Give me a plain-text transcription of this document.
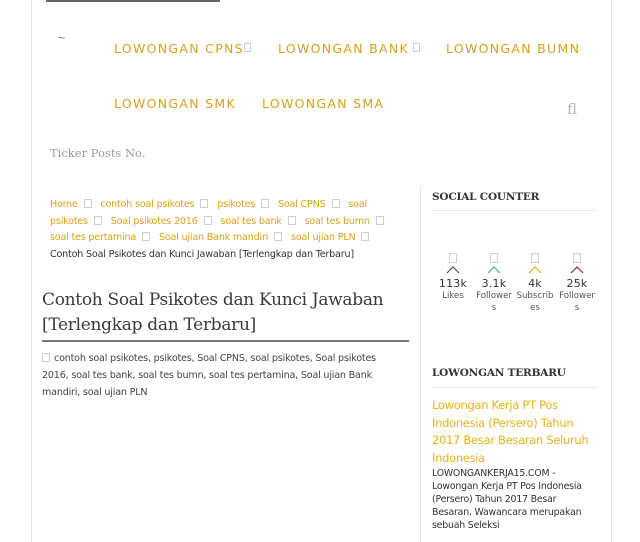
~
LOWONGAN CPNS	LOWONGAN BANK	LOWONGAN BUMN
LOWONGAN SMK LOWONGAN SMA	fl
Ticker Posts No.
Home contoh soal psikotes psikotes Soal CPNS soal psikotes Soal psikotes 2016 soal tes bank soal tes bumn soal tes pertamina Soal ujian Bank mandiri soal ujian PLN Contoh Soal Psikotes dan Kunci Jawaban [Terlengkap dan Terbaru]
Contoh Soal Psikotes dan Kunci Jawaban [Terlengkap dan Terbaru]
contoh soal psikotes, psikotes, Soal CPNS, soal psikotes, Soal psikotes 2016, soal tes bank, soal tes bumn, soal tes pertamina, Soal ujian Bank mandiri, soal ujian PLN
SOCIAL COUNTER
113k
Likes
3.1k
Followers
4k
Subscribes
25k
Followers
LOWONGAN TERBARU
Lowongan Kerja PT Pos Indonesia (Persero) Tahun 2017 Besar Besaran Seluruh Indonesia
LOWONGANKERJA15.COM - Lowongan Kerja PT Pos Indonesia (Persero) Tahun 2017 Besar Besaran. Wawancara merupakan sebuah Seleksi
